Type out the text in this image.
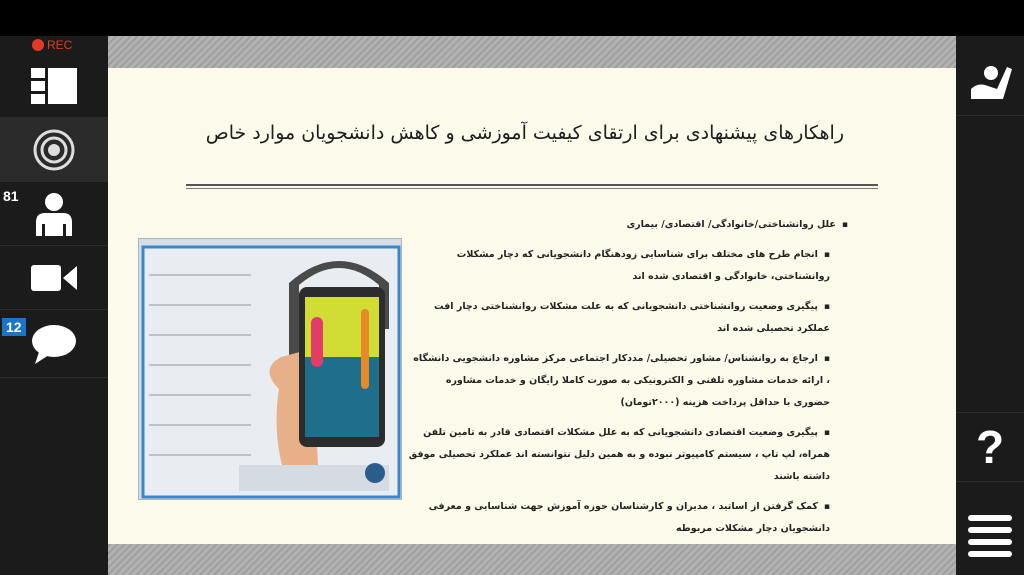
REC
81
12
راهکارهای پیشنهادی برای ارتقای کیفیت آموزشی و کاهش دانشجویان موارد خاص
▪ علل روانشناختی/خانوادگی/ اقتصادی/ بیماری
▪ انجام طرح های مختلف برای شناسایی زودهنگام دانشجویانی که دچار مشکلات روانشناختی، خانوادگی و اقتصادی شده اند
▪ پیگیری وضعیت روانشناختی دانشجویانی که به علت مشکلات روانشناختی دچار افت عملکرد تحصیلی شده اند
▪ ارجاع به روانشناس/ مشاور تحصیلی/ مددکار اجتماعی مرکز مشاوره دانشجویی دانشگاه ، ارائه خدمات مشاوره تلفنی و الکترونیکی به صورت کاملا رایگان و خدمات مشاوره حضوری با حداقل پرداخت هزینه (۲۰۰۰تومان)
▪ پیگیری وضعیت اقتصادی دانشجویانی که به علل مشکلات اقتصادی قادر به تامین تلفن همراه، لپ تاپ ، سیستم کامپیوتر نبوده و به همین دلیل نتوانسته اند عملکرد تحصیلی موفق داشته باشند
▪ کمک گرفتن از اساتید ، مدیران و کارشناسان حوزه آموزش جهت شناسایی و معرفی دانشجویان دچار مشکلات مربوطه
?
